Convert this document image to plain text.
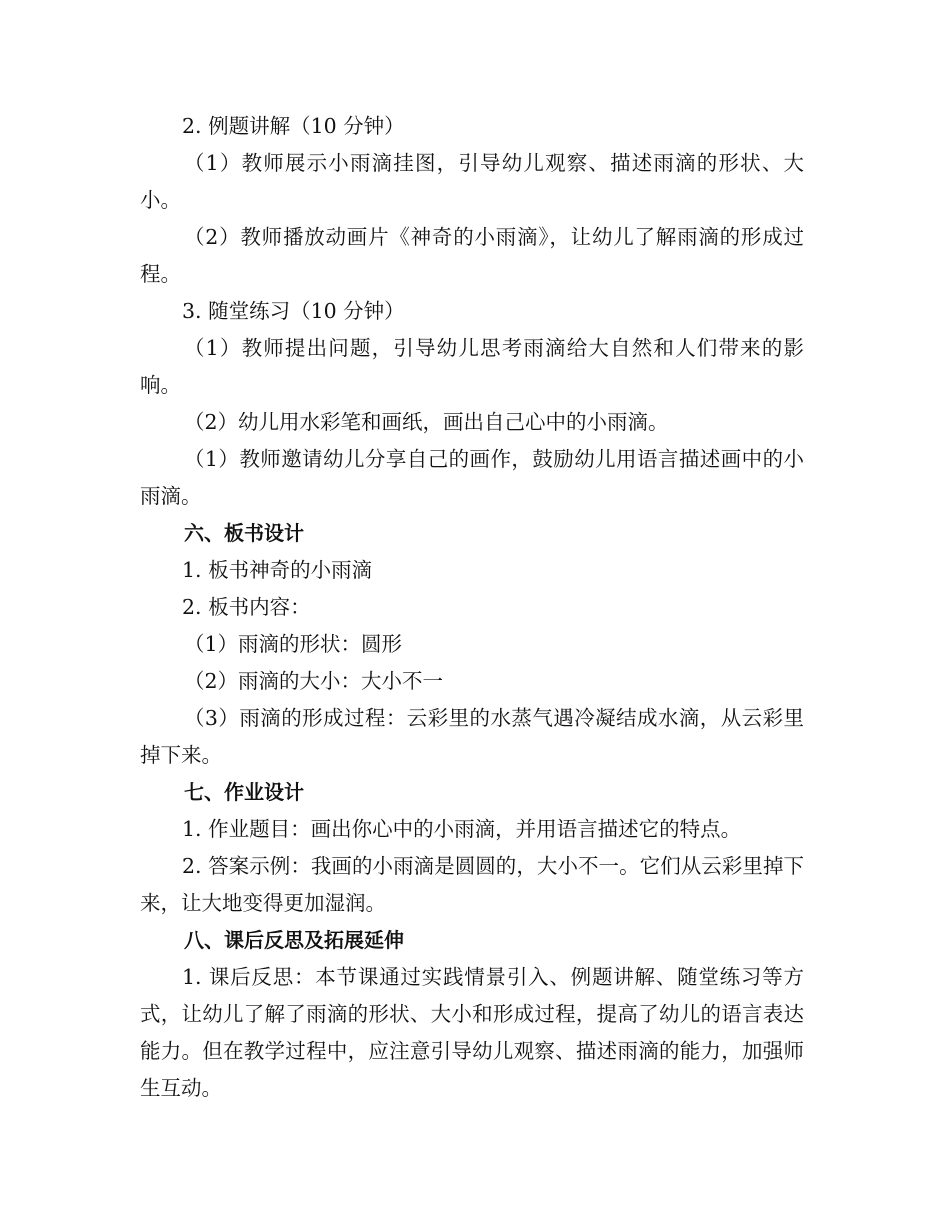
2. 例题讲解（10 分钟）

（1）教师展示小雨滴挂图，引导幼儿观察、描述雨滴的形状、大小。

（2）教师播放动画片《神奇的小雨滴》，让幼儿了解雨滴的形成过程。

3. 随堂练习（10 分钟）

（1）教师提出问题，引导幼儿思考雨滴给大自然和人们带来的影响。

（2）幼儿用水彩笔和画纸，画出自己心中的小雨滴。

（1）教师邀请幼儿分享自己的画作，鼓励幼儿用语言描述画中的小雨滴。

六、板书设计

1. 板书神奇的小雨滴

2. 板书内容：

（1）雨滴的形状：圆形

（2）雨滴的大小：大小不一

（3）雨滴的形成过程：云彩里的水蒸气遇冷凝结成水滴，从云彩里掉下来。

七、作业设计

1. 作业题目：画出你心中的小雨滴，并用语言描述它的特点。

2. 答案示例：我画的小雨滴是圆圆的，大小不一。它们从云彩里掉下来，让大地变得更加湿润。

八、课后反思及拓展延伸

1. 课后反思：本节课通过实践情景引入、例题讲解、随堂练习等方式，让幼儿了解了雨滴的形状、大小和形成过程，提高了幼儿的语言表达能力。但在教学过程中，应注意引导幼儿观察、描述雨滴的能力，加强师生互动。
